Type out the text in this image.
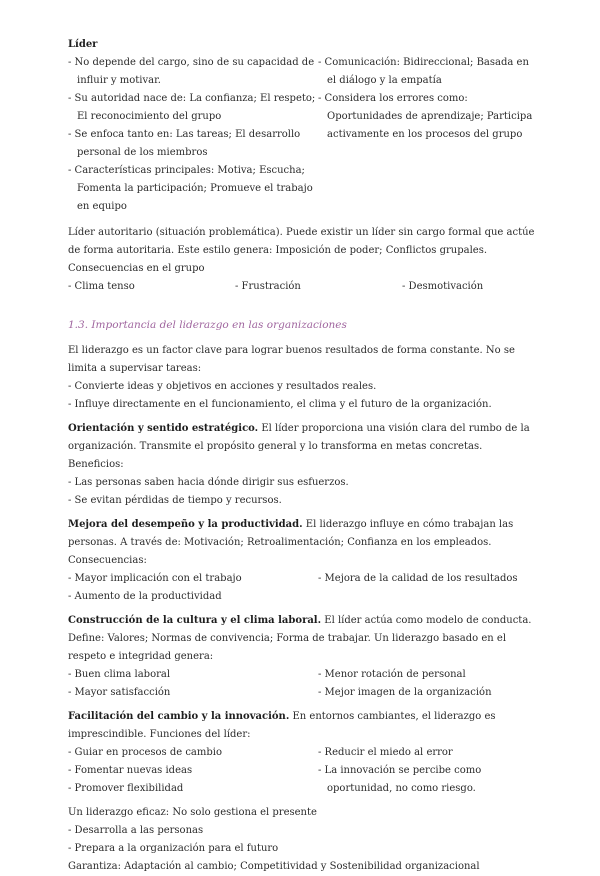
Líder

- No depende del cargo, sino de su capacidad de influir y motivar.

- Su autoridad nace de: La confianza; El respeto; El reconocimiento del grupo

- Se enfoca tanto en: Las tareas; El desarrollo personal de los miembros

- Características principales: Motiva; Escucha; Fomenta la participación; Promueve el trabajo en equipo

- Comunicación: Bidireccional; Basada en el diálogo y la empatía

- Considera los errores como: Oportunidades de aprendizaje; Participa activamente en los procesos del grupo

Líder autoritario (situación problemática). Puede existir un líder sin cargo formal que actúe de forma autoritaria. Este estilo genera: Imposición de poder; Conflictos grupales. Consecuencias en el grupo

- Clima tenso	- Frustración	- Desmotivación

1.3. Importancia del liderazgo en las organizaciones

El liderazgo es un factor clave para lograr buenos resultados de forma constante. No se limita a supervisar tareas:

- Convierte ideas y objetivos en acciones y resultados reales.

- Influye directamente en el funcionamiento, el clima y el futuro de la organización.

Orientación y sentido estratégico. El líder proporciona una visión clara del rumbo de la organización. Transmite el propósito general y lo transforma en metas concretas. Beneficios:

- Las personas saben hacia dónde dirigir sus esfuerzos.

- Se evitan pérdidas de tiempo y recursos.

Mejora del desempeño y la productividad. El liderazgo influye en cómo trabajan las personas. A través de: Motivación; Retroalimentación; Confianza en los empleados. Consecuencias:

- Mayor implicación con el trabajo

- Aumento de la productividad

- Mejora de la calidad de los resultados

Construcción de la cultura y el clima laboral. El líder actúa como modelo de conducta. Define: Valores; Normas de convivencia; Forma de trabajar. Un liderazgo basado en el respeto e integridad genera:

- Buen clima laboral

- Mayor satisfacción

- Menor rotación de personal

- Mejor imagen de la organización

Facilitación del cambio y la innovación. En entornos cambiantes, el liderazgo es imprescindible. Funciones del líder:

- Guiar en procesos de cambio

- Fomentar nuevas ideas

- Promover flexibilidad

- Reducir el miedo al error

- La innovación se percibe como oportunidad, no como riesgo.

Un liderazgo eficaz: No solo gestiona el presente

- Desarrolla a las personas

- Prepara a la organización para el futuro

Garantiza: Adaptación al cambio; Competitividad y Sostenibilidad organizacional
